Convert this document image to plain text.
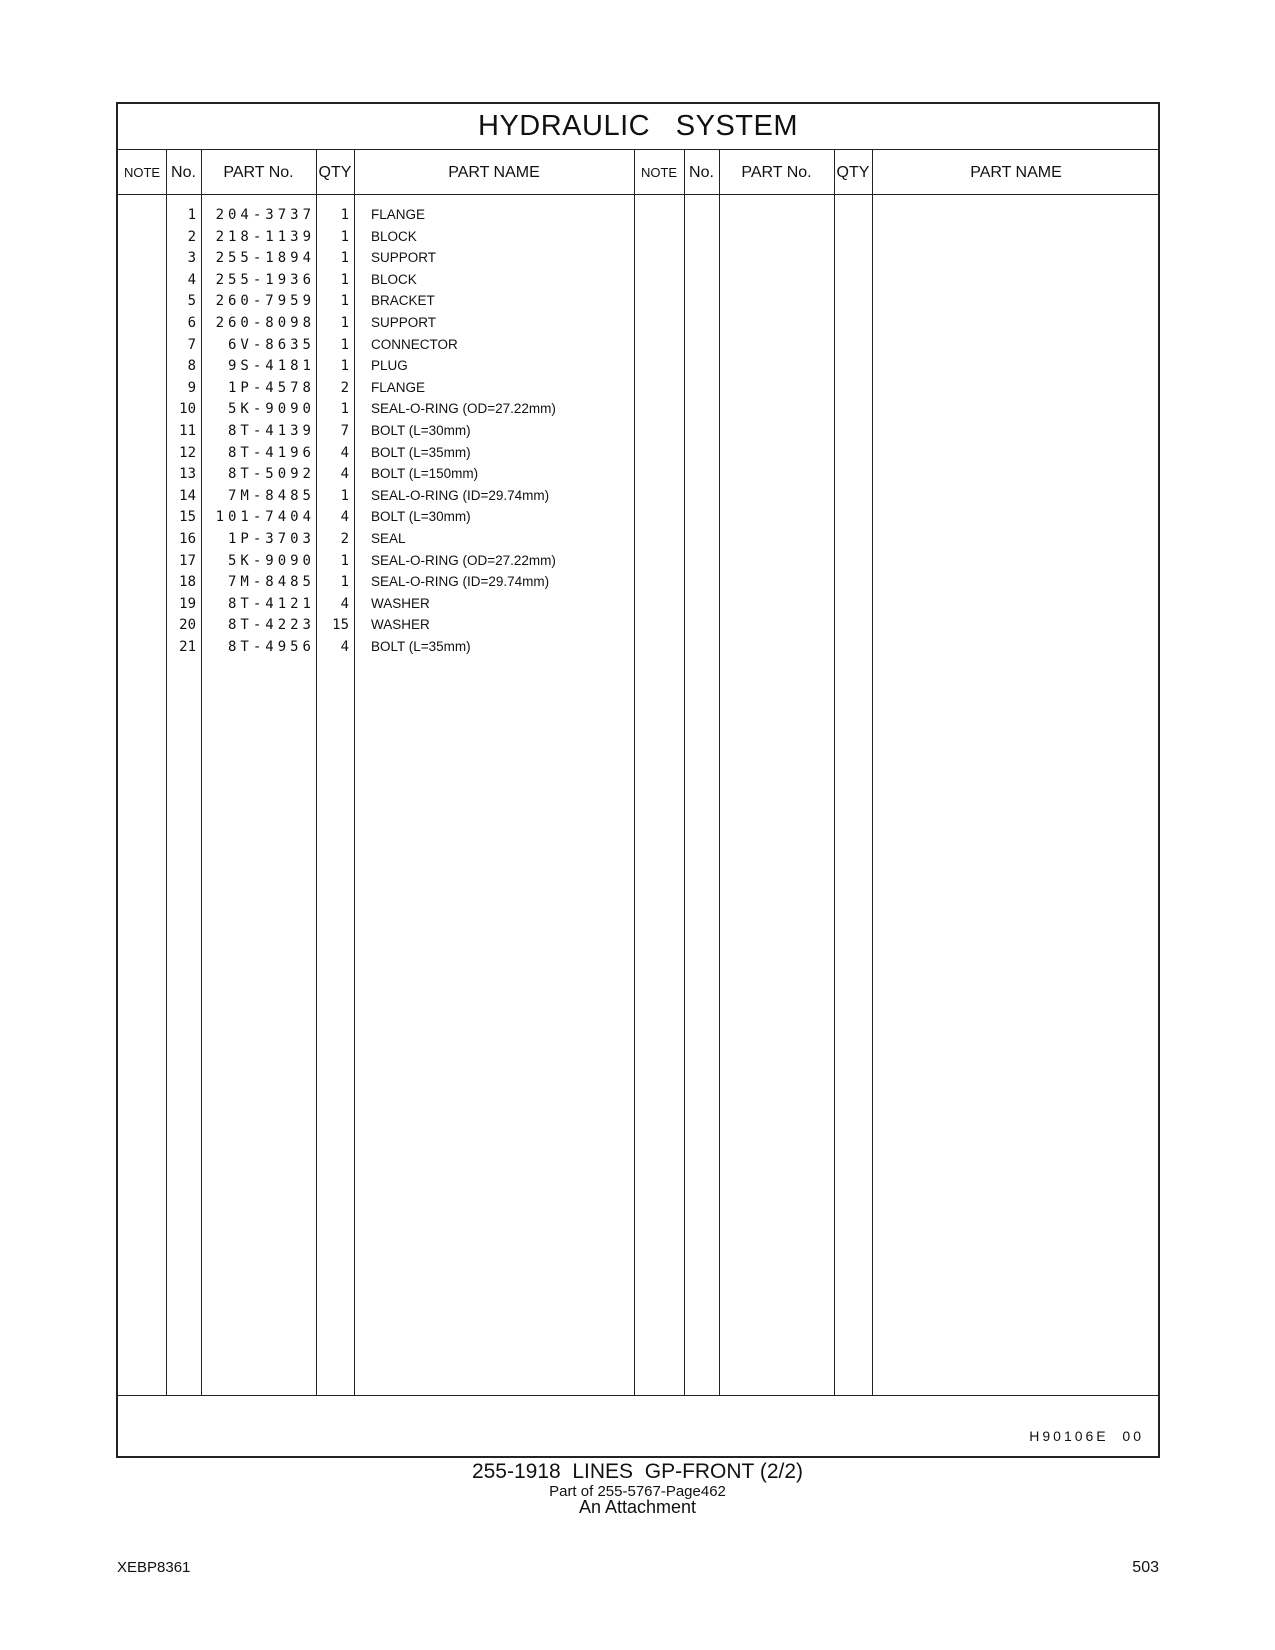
HYDRAULIC   SYSTEM
NOTE No.	PART No.	QTY	PART NAME	NOTE No.	PART No.	QTY	PART NAME
1	204-3737	1 FLANGE
2	218-1139	1 BLOCK
3	255-1894	1 SUPPORT
4	255-1936	1 BLOCK
5	260-7959	1 BRACKET
6	260-8098	1 SUPPORT
7	6V-8635	1 CONNECTOR
8	9S-4181	1 PLUG
9	1P-4578	2 FLANGE
10	5K-9090	1 SEAL-O-RING (OD=27.22mm)
11	8T-4139	7 BOLT (L=30mm)
12	8T-4196	4 BOLT (L=35mm)
13	8T-5092	4 BOLT (L=150mm)
14	7M-8485	1 SEAL-O-RING (ID=29.74mm)
15	101-7404	4 BOLT (L=30mm)
16	1P-3703	2 SEAL
17	5K-9090	1 SEAL-O-RING (OD=27.22mm)
18	7M-8485	1 SEAL-O-RING (ID=29.74mm)
19	8T-4121	4 WASHER
20	8T-4223	15 WASHER
21	8T-4956	4 BOLT (L=35mm)
H90106E  00
255-1918  LINES  GP-FRONT (2/2)
Part of 255-5767-Page462
An Attachment
XEBP8361	503
